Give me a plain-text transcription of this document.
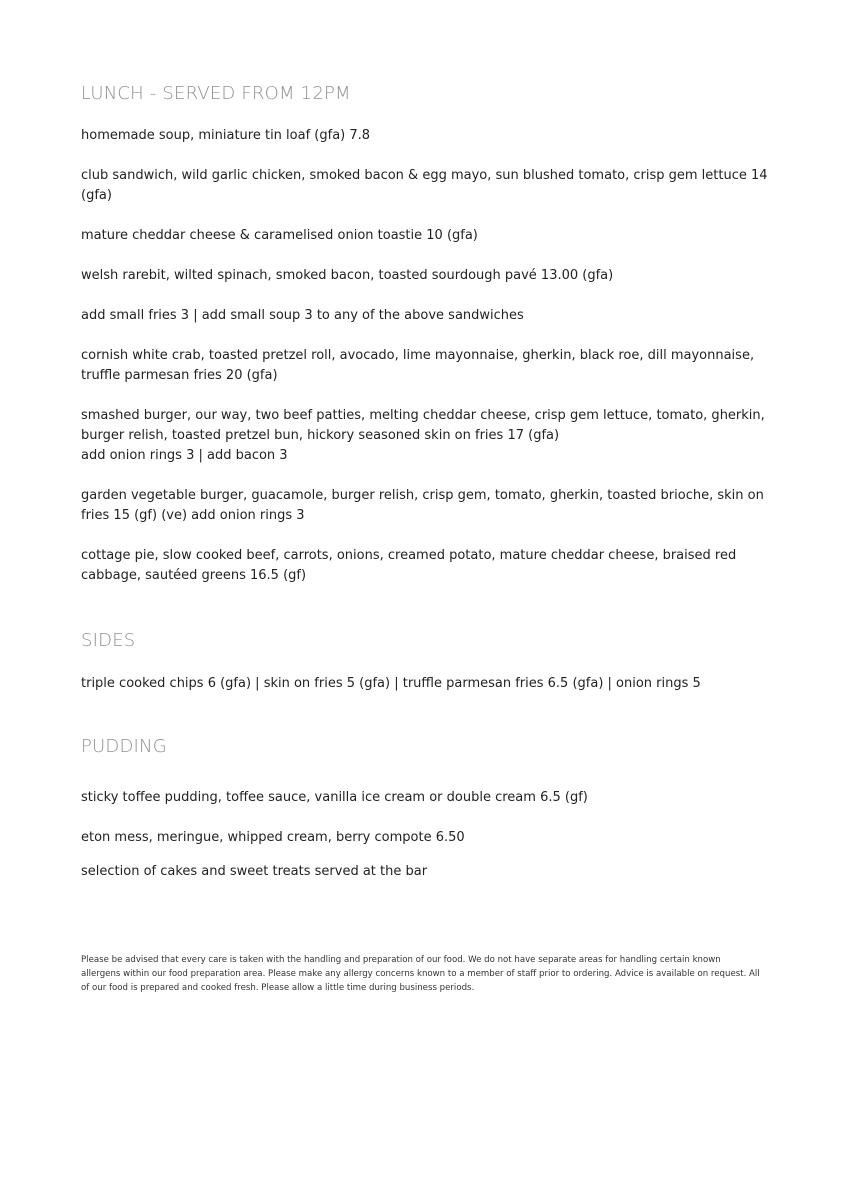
LUNCH - SERVED FROM 12PM

homemade soup, miniature tin loaf (gfa) 7.8

club sandwich, wild garlic chicken, smoked bacon & egg mayo, sun blushed tomato, crisp gem lettuce 14 (gfa)

mature cheddar cheese & caramelised onion toastie 10 (gfa)

welsh rarebit, wilted spinach, smoked bacon, toasted sourdough pavé 13.00 (gfa)

add small fries 3 | add small soup 3 to any of the above sandwiches

cornish white crab, toasted pretzel roll, avocado, lime mayonnaise, gherkin, black roe, dill mayonnaise, truffle parmesan fries 20 (gfa)

smashed burger, our way, two beef patties, melting cheddar cheese, crisp gem lettuce, tomato, gherkin, burger relish, toasted pretzel bun, hickory seasoned skin on fries 17 (gfa)

add onion rings 3 | add bacon 3

garden vegetable burger, guacamole, burger relish, crisp gem, tomato, gherkin, toasted brioche, skin on fries 15 (gf) (ve) add onion rings 3

cottage pie, slow cooked beef, carrots, onions, creamed potato, mature cheddar cheese, braised red cabbage, sautéed greens 16.5 (gf)

SIDES

triple cooked chips 6 (gfa) | skin on fries 5 (gfa) | truffle parmesan fries 6.5 (gfa) | onion rings 5

PUDDING

sticky toffee pudding, toffee sauce, vanilla ice cream or double cream 6.5 (gf)

eton mess, meringue, whipped cream, berry compote 6.50

selection of cakes and sweet treats served at the bar

Please be advised that every care is taken with the handling and preparation of our food. We do not have separate areas for handling certain known allergens within our food preparation area. Please make any allergy concerns known to a member of staff prior to ordering. Advice is available on request. All of our food is prepared and cooked fresh. Please allow a little time during business periods.
